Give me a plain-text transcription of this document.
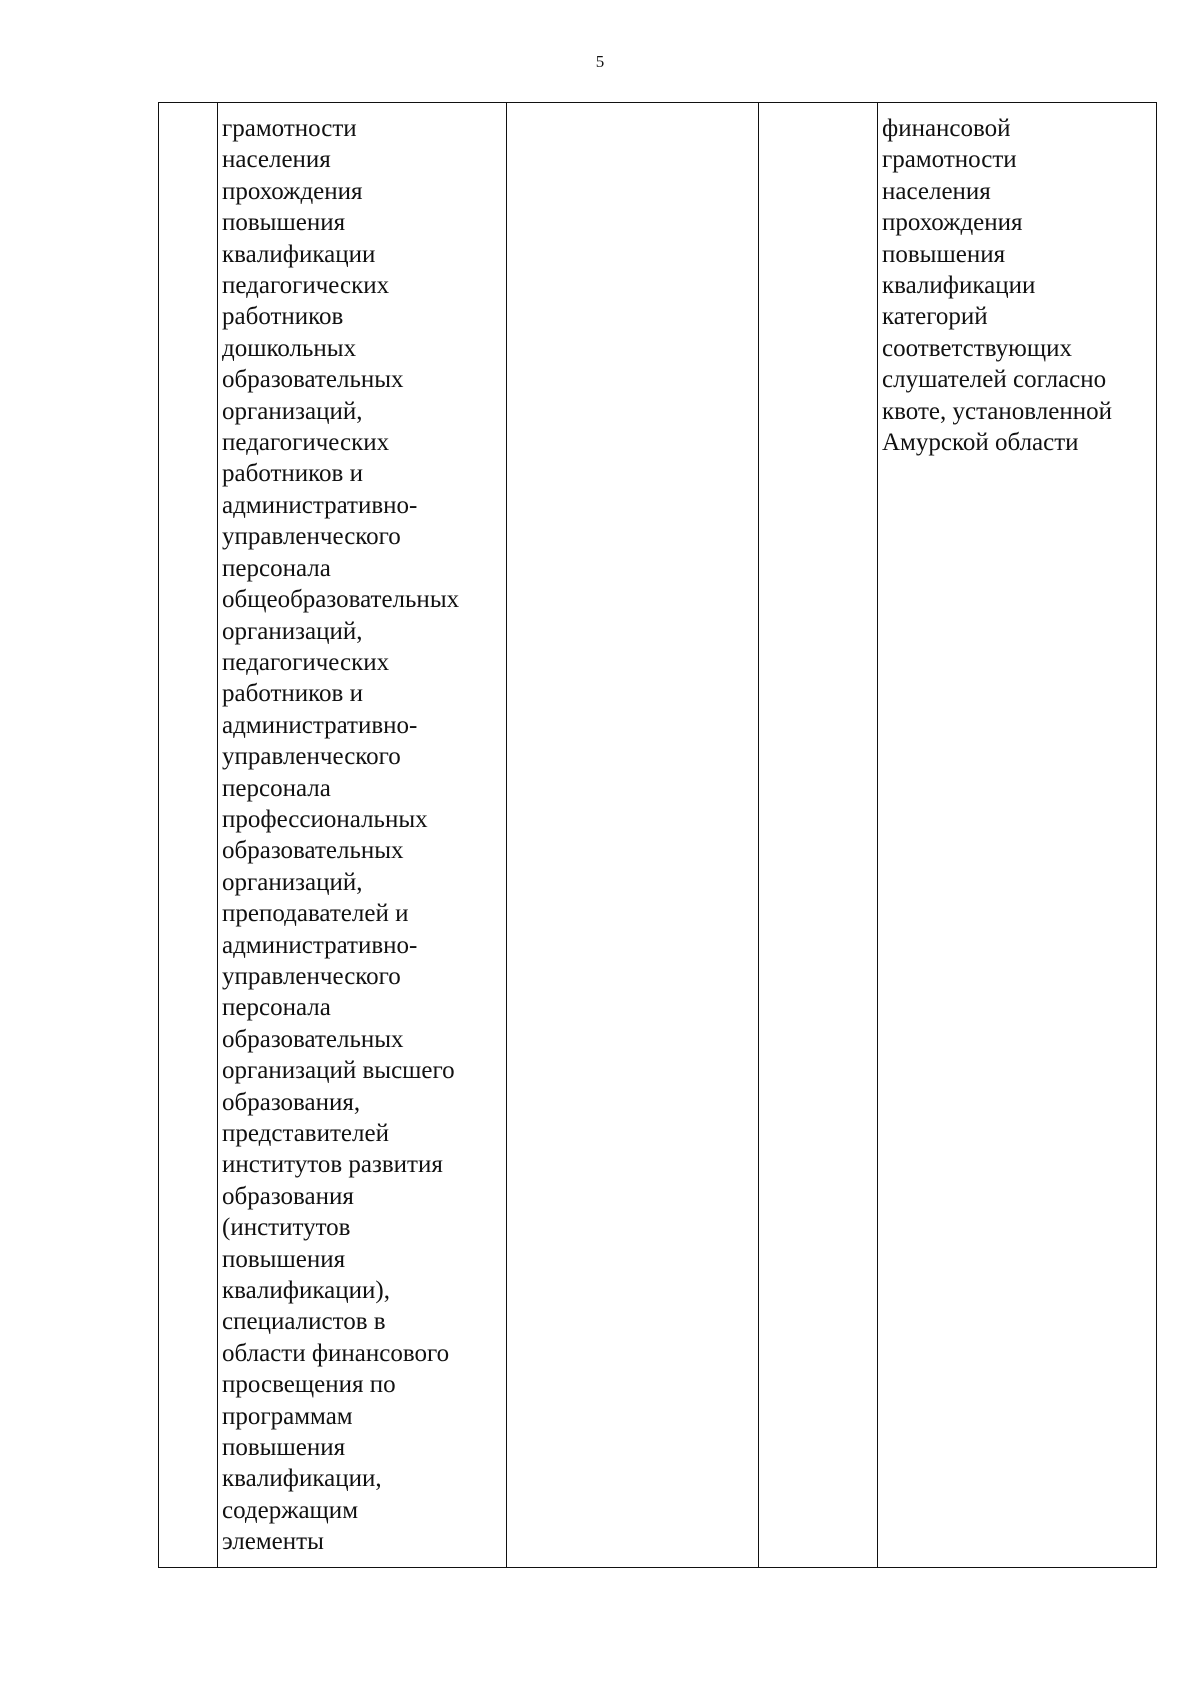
5
грамотности
населения
прохождения
повышения
квалификации
педагогических
работников
дошкольных
образовательных
организаций,
педагогических
работников и
административно-
управленческого
персонала
общеобразовательных
организаций,
педагогических
работников и
административно-
управленческого
персонала
профессиональных
образовательных
организаций,
преподавателей и
административно-
управленческого
персонала
образовательных
организаций высшего
образования,
представителей
институтов развития
образования
(институтов
повышения
квалификации),
специалистов в
области финансового
просвещения по
программам
повышения
квалификации,
содержащим
элементы
финансовой
грамотности
населения
прохождения
повышения
квалификации
категорий
соответствующих
слушателей согласно
квоте, установленной
Амурской области
